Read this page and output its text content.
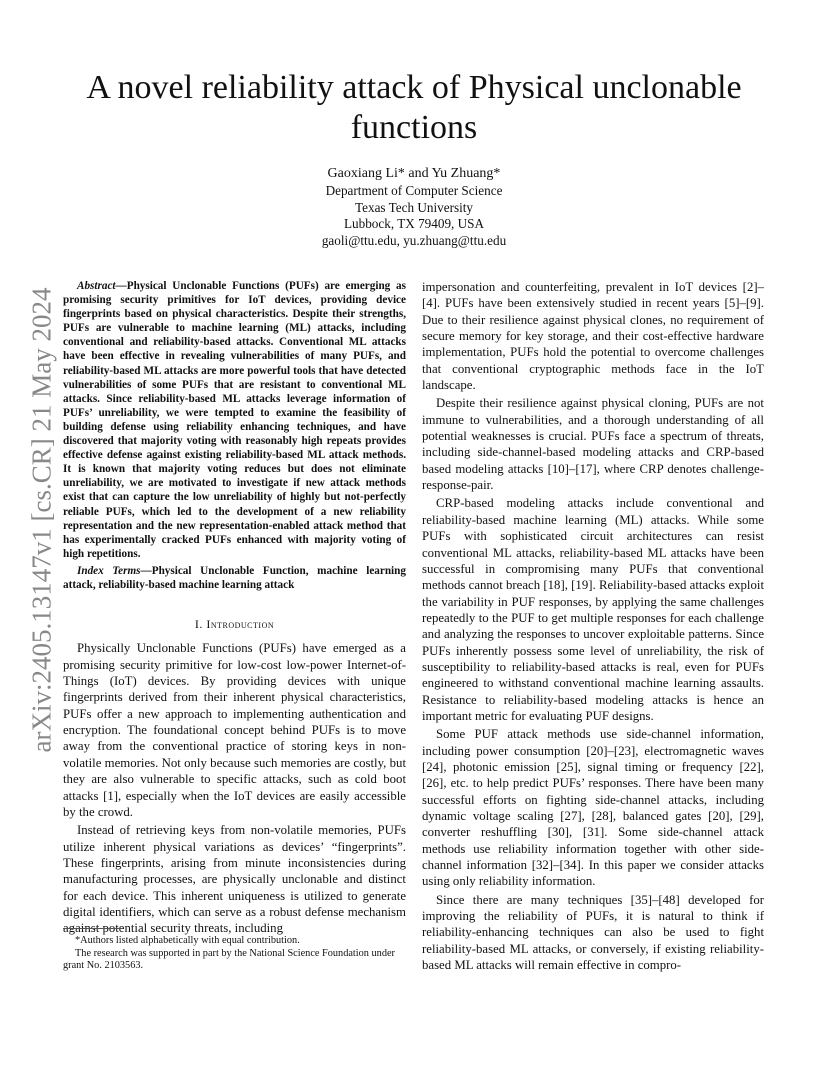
A novel reliability attack of Physical unclonable functions
Gaoxiang Li* and Yu Zhuang*
Department of Computer Science
Texas Tech University
Lubbock, TX 79409, USA
gaoli@ttu.edu, yu.zhuang@ttu.edu
arXiv:2405.13147v1 [cs.CR] 21 May 2024

Abstract—Physical Unclonable Functions (PUFs) are emerging as promising security primitives for IoT devices, providing device fingerprints based on physical characteristics. Despite their strengths, PUFs are vulnerable to machine learning (ML) attacks, including conventional and reliability-based attacks. Conventional ML attacks have been effective in revealing vulnerabilities of many PUFs, and reliability-based ML attacks are more powerful tools that have detected vulnerabilities of some PUFs that are resistant to conventional ML attacks. Since reliability-based ML attacks leverage information of PUFs’ unreliability, we were tempted to examine the feasibility of building defense using reliability enhancing techniques, and have discovered that majority voting with reasonably high repeats provides effective defense against existing reliability-based ML attack methods. It is known that majority voting reduces but does not eliminate unreliability, we are motivated to investigate if new attack methods exist that can capture the low unreliability of highly but not-perfectly reliable PUFs, which led to the development of a new reliability representation and the new representation-enabled attack method that has experimentally cracked PUFs enhanced with majority voting of high repetitions.

Index Terms—Physical Unclonable Function, machine learning attack, reliability-based machine learning attack

I. Introduction

Physically Unclonable Functions (PUFs) have emerged as a promising security primitive for low-cost low-power Internet-of-Things (IoT) devices. By providing devices with unique fingerprints derived from their inherent physical characteristics, PUFs offer a new approach to implementing authentication and encryption. The foundational concept behind PUFs is to move away from the conventional practice of storing keys in non-volatile memories. Not only because such memories are costly, but they are also vulnerable to specific attacks, such as cold boot attacks [1], especially when the IoT devices are easily accessible by the crowd.

Instead of retrieving keys from non-volatile memories, PUFs utilize inherent physical variations as devices’ “fingerprints”. These fingerprints, arising from minute inconsistencies during manufacturing processes, are physically unclonable and distinct for each device. This inherent uniqueness is utilized to generate digital identifiers, which can serve as a robust defense mechanism against potential security threats, including

*Authors listed alphabetically with equal contribution.

The research was supported in part by the National Science Foundation under grant No. 2103563.

impersonation and counterfeiting, prevalent in IoT devices [2]–[4]. PUFs have been extensively studied in recent years [5]–[9]. Due to their resilience against physical clones, no requirement of secure memory for key storage, and their cost-effective hardware implementation, PUFs hold the potential to overcome challenges that conventional cryptographic methods face in the IoT landscape.

Despite their resilience against physical cloning, PUFs are not immune to vulnerabilities, and a thorough understanding of all potential weaknesses is crucial. PUFs face a spectrum of threats, including side-channel-based modeling attacks and CRP-based based modeling attacks [10]–[17], where CRP denotes challenge-response-pair.

CRP-based modeling attacks include conventional and reliability-based machine learning (ML) attacks. While some PUFs with sophisticated circuit architectures can resist conventional ML attacks, reliability-based ML attacks have been successful in compromising many PUFs that conventional methods cannot breach [18], [19]. Reliability-based attacks exploit the variability in PUF responses, by applying the same challenges repeatedly to the PUF to get multiple responses for each challenge and analyzing the responses to uncover exploitable patterns. Since PUFs inherently possess some level of unreliability, the risk of susceptibility to reliability-based attacks is real, even for PUFs engineered to withstand conventional machine learning assaults. Resistance to reliability-based modeling attacks is hence an important metric for evaluating PUF designs.

Some PUF attack methods use side-channel information, including power consumption [20]–[23], electromagnetic waves [24], photonic emission [25], signal timing or frequency [22], [26], etc. to help predict PUFs’ responses. There have been many successful efforts on fighting side-channel attacks, including dynamic voltage scaling [27], [28], balanced gates [20], [29], converter reshuffling [30], [31]. Some side-channel attack methods use reliability information together with other side-channel information [32]–[34]. In this paper we consider attacks using only reliability information.

Since there are many techniques [35]–[48] developed for improving the reliability of PUFs, it is natural to think if reliability-enhancing techniques can also be used to fight reliability-based ML attacks, or conversely, if existing reliability-based ML attacks will remain effective in compro-
